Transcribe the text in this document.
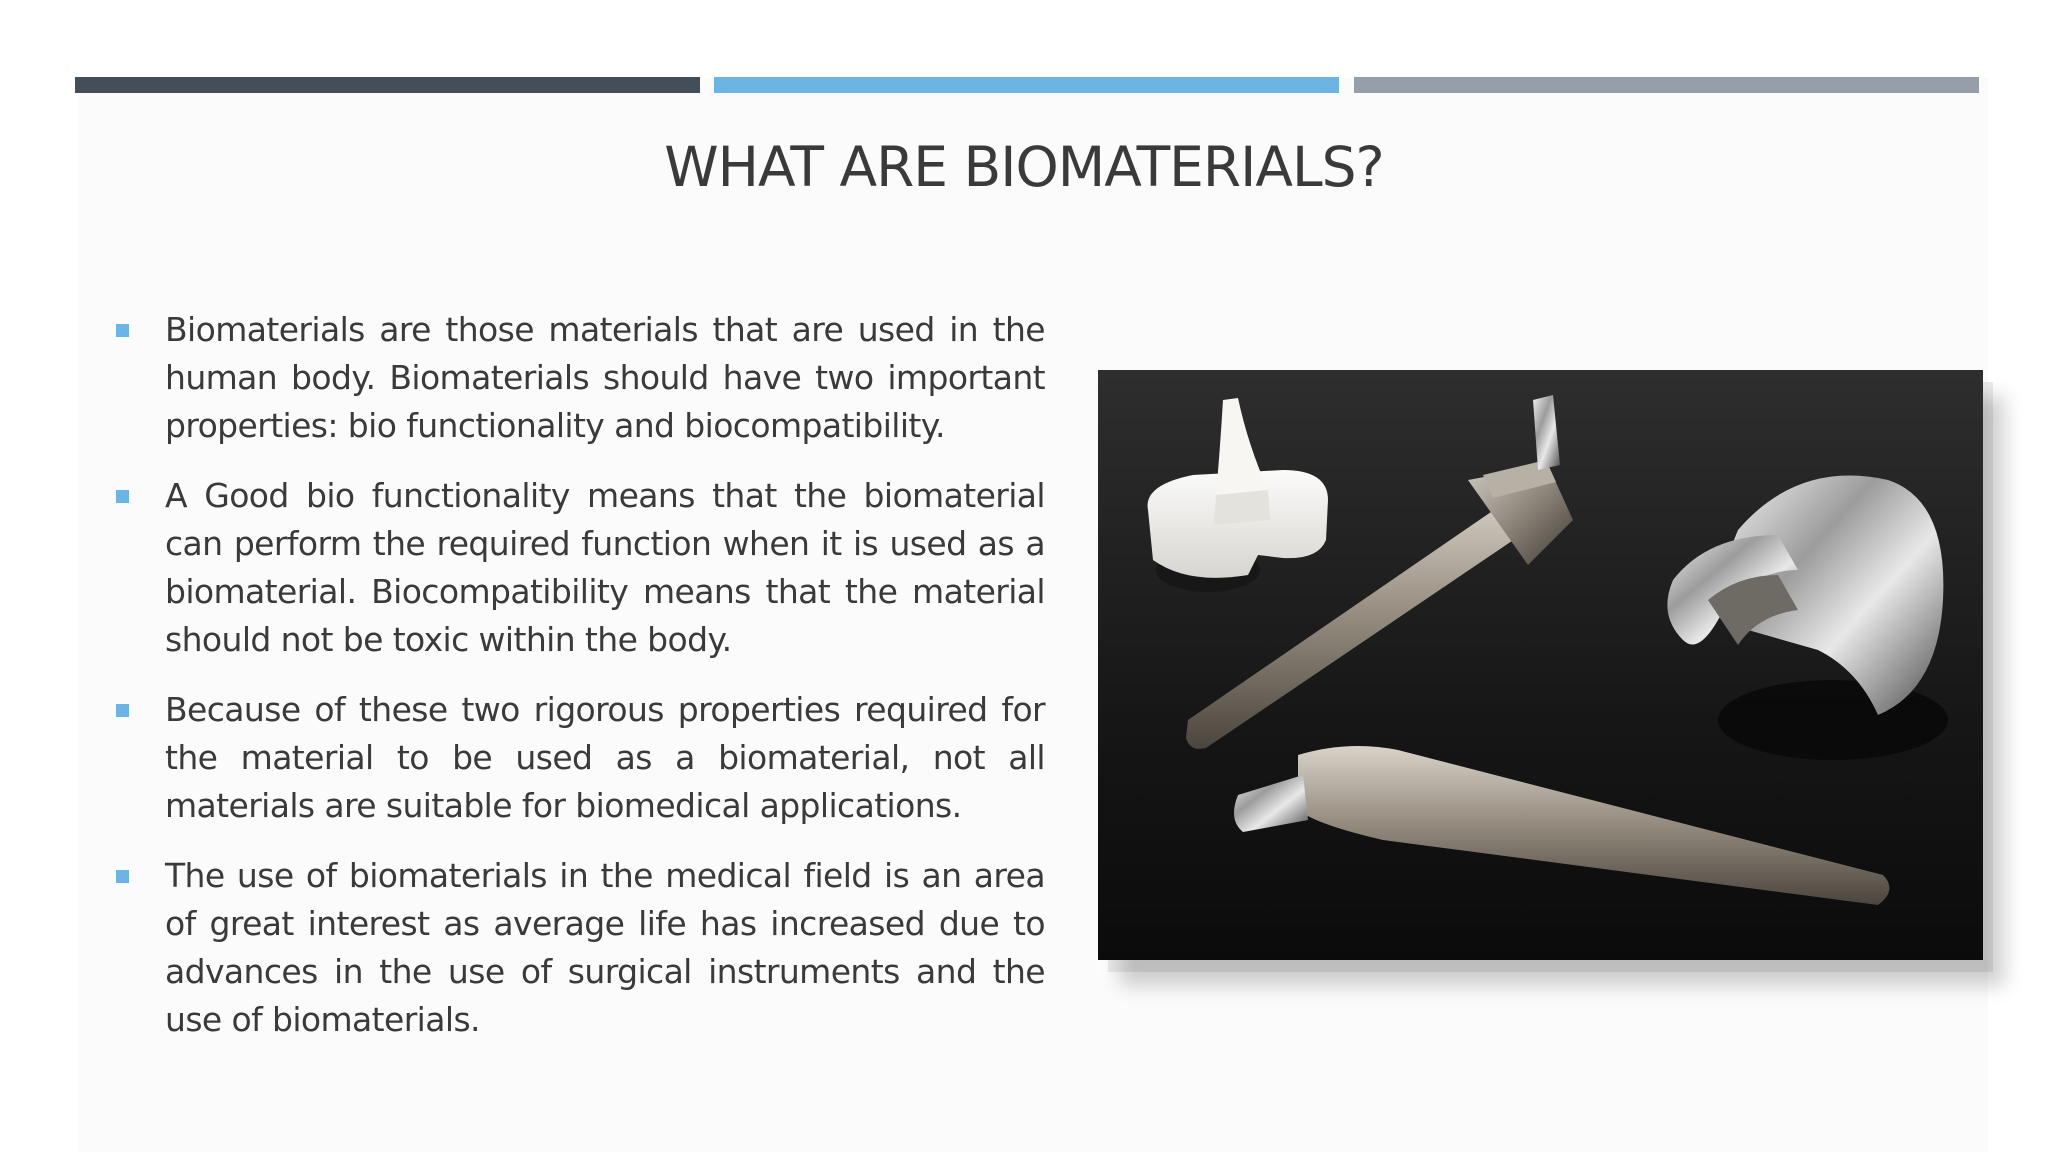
WHAT ARE BIOMATERIALS?
Biomaterials are those materials that are used in the human body. Biomaterials should have two important properties: bio functionality and biocompatibility.
A Good bio functionality means that the biomaterial can perform the required function when it is used as a biomaterial. Biocompatibility means that the material should not be toxic within the body.
Because of these two rigorous properties required for the material to be used as a biomaterial, not all materials are suitable for biomedical applications.
The use of biomaterials in the medical field is an area of great interest as average life has increased due to advances in the use of surgical instruments and the use of biomaterials.
